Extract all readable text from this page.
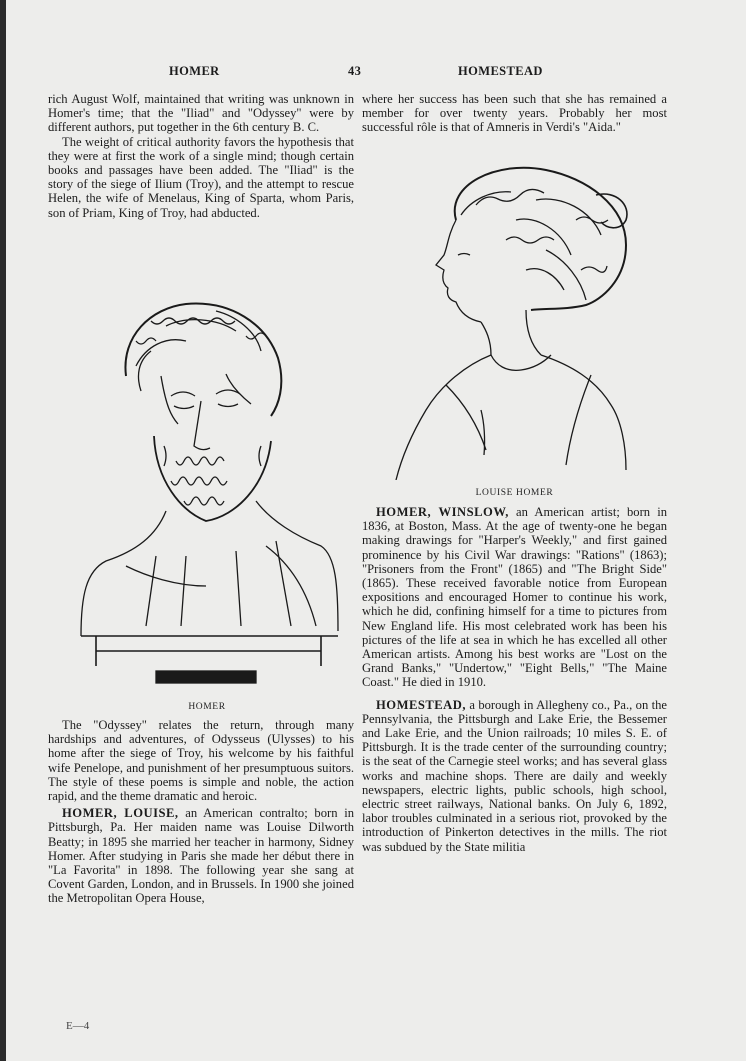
HOMER	43	HOMESTEAD

rich August Wolf, maintained that writing was unknown in Homer's time; that the "Iliad" and "Odyssey" were by different authors, put together in the 6th century B. C.

The weight of critical authority favors the hypothesis that they were at first the work of a single mind; though certain books and passages have been added. The "Iliad" is the story of the siege of Ilium (Troy), and the attempt to rescue Helen, the wife of Menelaus, King of Sparta, whom Paris, son of Priam, King of Troy, had abducted.

HOMER

The "Odyssey" relates the return, through many hardships and adventures, of Odysseus (Ulysses) to his home after the siege of Troy, his welcome by his faithful wife Penelope, and punishment of her presumptuous suitors. The style of these poems is simple and noble, the action rapid, and the theme dramatic and heroic.

HOMER, LOUISE, an American contralto; born in Pittsburgh, Pa. Her maiden name was Louise Dilworth Beatty; in 1895 she married her teacher in harmony, Sidney Homer. After studying in Paris she made her début there in "La Favorita" in 1898. The following year she sang at Covent Garden, London, and in Brussels. In 1900 she joined the Metropolitan Opera House,

E—4

where her success has been such that she has remained a member for over twenty years. Probably her most successful rôle is that of Amneris in Verdi's "Aida."

LOUISE HOMER

HOMER, WINSLOW, an American artist; born in 1836, at Boston, Mass. At the age of twenty-one he began making drawings for "Harper's Weekly," and first gained prominence by his Civil War drawings: "Rations" (1863); "Prisoners from the Front" (1865) and "The Bright Side" (1865). These received favorable notice from European expositions and encouraged Homer to continue his work, which he did, confining himself for a time to pictures from New England life. His most celebrated work has been his pictures of the life at sea in which he has excelled all other American artists. Among his best works are "Lost on the Grand Banks," "Undertow," "Eight Bells," "The Maine Coast." He died in 1910.

HOMESTEAD, a borough in Allegheny co., Pa., on the Pennsylvania, the Pittsburgh and Lake Erie, the Bessemer and Lake Erie, and the Union railroads; 10 miles S. E. of Pittsburgh. It is the trade center of the surrounding country; is the seat of the Carnegie steel works; and has several glass works and machine shops. There are daily and weekly newspapers, electric lights, public schools, high school, electric street railways, National banks. On July 6, 1892, labor troubles culminated in a serious riot, provoked by the introduction of Pinkerton detectives in the mills. The riot was subdued by the State militia
